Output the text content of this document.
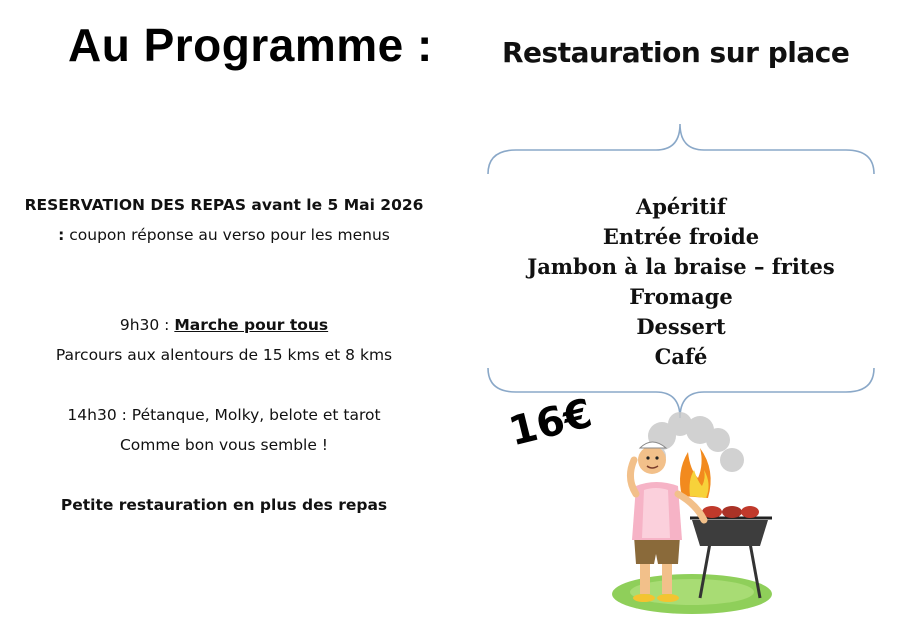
Au Programme : Restauration sur place

RESERVATION DES REPAS avant le 5 Mai 2026 : coupon réponse au verso pour les menus

9h30 : Marche pour tous

Parcours aux alentours de 15 kms et 8 kms

14h30 : Pétanque, Molky, belote et tarot

Comme bon vous semble !

Petite restauration en plus des repas

Apéritif
Entrée froide
Jambon à la braise – frites
Fromage
Dessert
Café

16€
